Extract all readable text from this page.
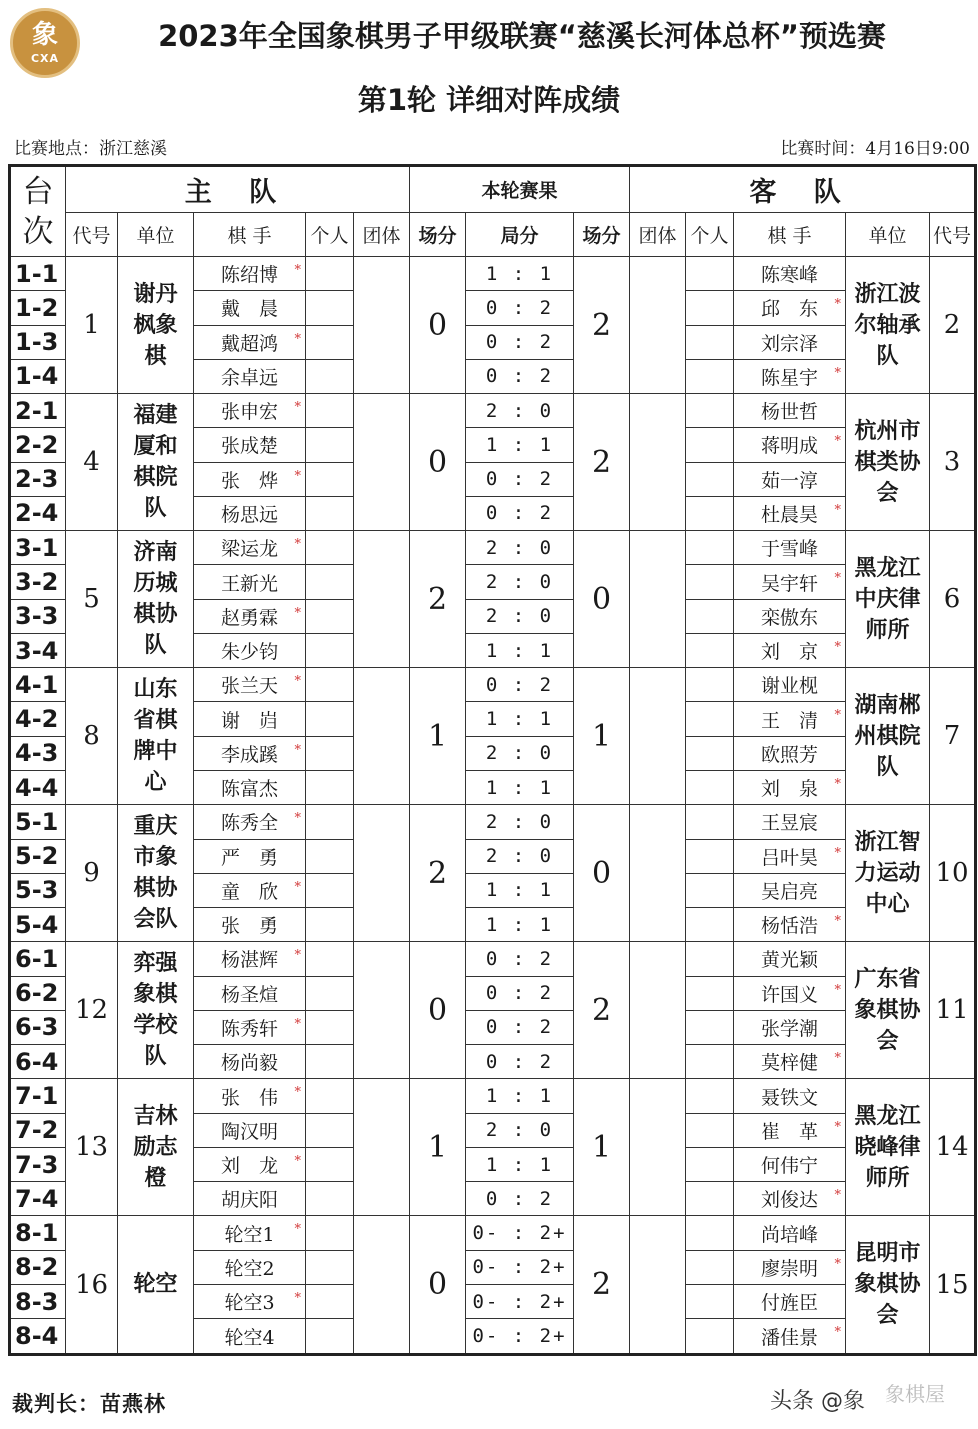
象
CXA
2023年全国象棋男子甲级联赛“慈溪长河体总杯”预选赛
第1轮 详细对阵成绩
比赛地点：浙江慈溪	比赛时间：4月16日9:00
台次	主 队					本轮赛果			客 队				
	代号	单位	棋 手	个人	团体	场分	局分	场分	团体	个人	棋 手	单位	代号
1-1	1	谢丹枫象棋	陈绍博 *			0	1 : 1	2			陈寒峰	浙江波尔轴承队	2
1-2			戴　晨				0 : 2				邱　东 *		

1-3			戴超鸿 *				0 : 2				刘宗泽		
1-4			余卓远				0 : 2				陈星宇 *		

2-1	4	福建厦和棋院队	张申宏 *			0	2 : 0	2			杨世哲	杭州市棋类协会	3
2-2			张成楚				1 : 1				蒋明成 *		

2-3			张　烨 *				0 : 2				茹一淳		
2-4			杨思远				0 : 2				杜晨昊 *		

3-1	5	济南历城棋协队	梁运龙 *			2	2 : 0	0			于雪峰	黑龙江中庆律师所	6
3-2			王新光				2 : 0				吴宇轩 *		

3-3			赵勇霖 *				2 : 0				栾傲东		
3-4			朱少钧				1 : 1				刘　京 *		

4-1	8	山东省棋牌中心	张兰天 *			1	0 : 2	1			谢业枧	湖南郴州棋院队	7
4-2			谢　岿				1 : 1				王　清 *		

4-3			李成蹊 *				2 : 0				欧照芳		
4-4			陈富杰				1 : 1				刘　泉 *		

5-1	9	重庆市象棋协会队	陈秀全 *			2	2 : 0	0			王昱宸	浙江智力运动中心	10
5-2			严　勇				2 : 0				吕叶昊 *		

5-3			童　欣 *				1 : 1				吴启亮		
5-4			张　勇				1 : 1				杨恬浩 *		

6-1	12	弈强象棋学校队	杨湛辉 *			0	0 : 2	2			黄光颖	广东省象棋协会	11
6-2			杨圣煊				0 : 2				许国义 *		

6-3			陈秀轩 *				0 : 2				张学潮		
6-4			杨尚毅				0 : 2				莫梓健 *		

7-1	13	吉林励志橙	张　伟 *			1	1 : 1	1			聂铁文	黑龙江晓峰律师所	14
7-2			陶汉明				2 : 0				崔　革 *		

7-3			刘　龙 *				1 : 1				何伟宁		
7-4			胡庆阳				0 : 2				刘俊达 *		

8-1	16	轮空	轮空1 *			0	0- : 2+	2			尚培峰	昆明市象棋协会	15
8-2			轮空2				0- : 2+				廖崇明 *		

8-3			轮空3 *				0- : 2+				付旌臣		
8-4			轮空4				0- : 2+				潘佳景 *		
裁判长：苗燕林	头条 @象 象棋屋
